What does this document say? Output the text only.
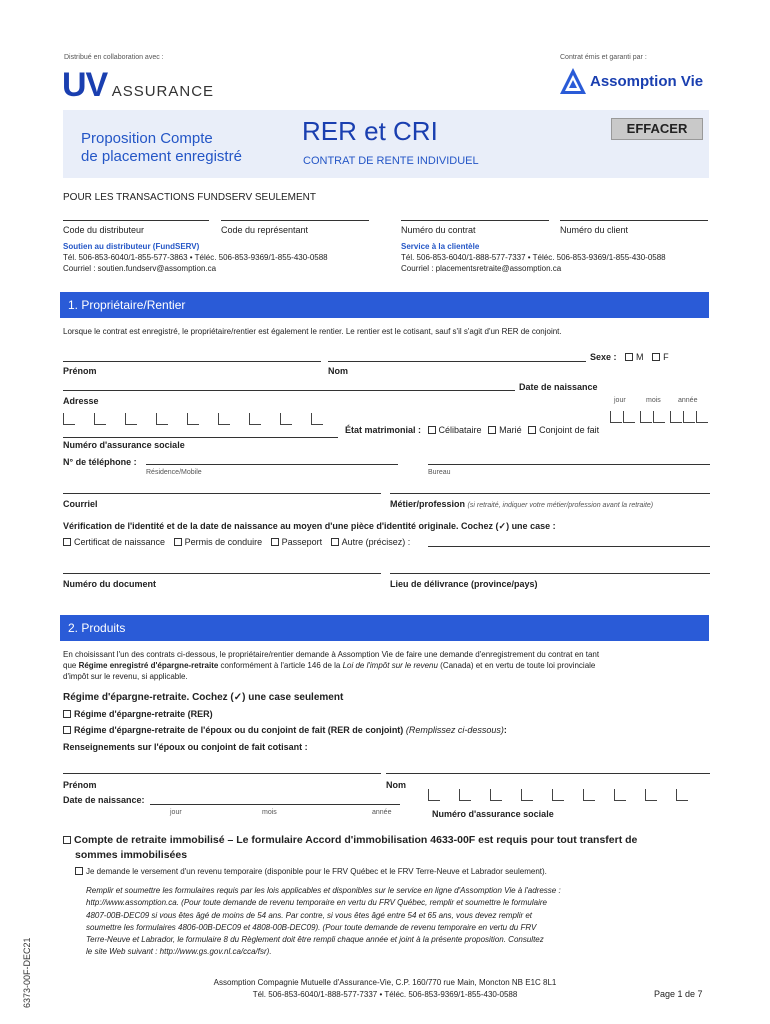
Distribué en collaboration avec :
UV ASSURANCE
Contrat émis et garanti par :
Assomption Vie
Proposition Compte
de placement enregistré
RER et CRI
CONTRAT DE RENTE INDIVIDUEL
EFFACER
POUR LES TRANSACTIONS FUNDSERV SEULEMENT
Code du distributeur	Code du représentant	Numéro du contrat	Numéro du client
Soutien au distributeur (FundSERV)
Tél. 506-853-6040/1-855-577-3863 • Téléc. 506-853-9369/1-855-430-0588
Courriel : soutien.fundserv@assomption.ca
Service à la clientèle
Tél. 506-853-6040/1-888-577-7337 • Téléc. 506-853-9369/1-855-430-0588
Courriel : placementsretraite@assomption.ca
1. Propriétaire/Rentier
Lorsque le contrat est enregistré, le propriétaire/rentier est également le rentier. Le rentier est le cotisant, sauf s'il s'agit d'un RER de conjoint.
Sexe : M F
Prénom	Nom
Date de naissance
Adresse	jour	mois année
État matrimonial : Célibataire Marié Conjoint de fait
Numéro d'assurance sociale
N° de téléphone :
Résidence/Mobile	Bureau
Courriel	Métier/profession (si retraité, indiquer votre métier/profession avant la retraite)
Vérification de l'identité et de la date de naissance au moyen d'une pièce d'identité originale. Cochez (✓) une case :
Certificat de naissance Permis de conduire Passeport Autre (précisez) :
Numéro du document	Lieu de délivrance (province/pays)
2. Produits
En choisissant l'un des contrats ci-dessous, le propriétaire/rentier demande à Assomption Vie de faire une demande d'enregistrement du contrat en tant
que Régime enregistré d'épargne-retraite conformément à l'article 146 de la Loi de l'impôt sur le revenu (Canada) et en vertu de toute loi provinciale
d'impôt sur le revenu, si applicable.
Régime d'épargne-retraite. Cochez (✓) une case seulement
Régime d'épargne-retraite (RER)
Régime d'épargne-retraite de l'époux ou du conjoint de fait (RER de conjoint) (Remplissez ci-dessous):
Renseignements sur l'époux ou conjoint de fait cotisant :
Prénom	Nom
Date de naissance:
jour	mois	année	Numéro d'assurance sociale
Compte de retraite immobilisé – Le formulaire Accord d'immobilisation 4633-00F est requis pour tout transfert de
sommes immobilisées
Je demande le versement d'un revenu temporaire (disponible pour le FRV Québec et le FRV Terre-Neuve et Labrador seulement).
Remplir et soumettre les formulaires requis par les lois applicables et disponibles sur le service en ligne d'Assomption Vie à l'adresse :
http://www.assomption.ca. (Pour toute demande de revenu temporaire en vertu du FRV Québec, remplir et soumettre le formulaire
4807-00B-DEC09 si vous êtes âgé de moins de 54 ans. Par contre, si vous êtes âgé entre 54 et 65 ans, vous devez remplir et
soumettre les formulaires 4806-00B-DEC09 et 4808-00B-DEC09). (Pour toute demande de revenu temporaire en vertu du FRV
Terre-Neuve et Labrador, le formulaire 8 du Règlement doit être rempli chaque année et joint à la présente proposition. Consultez
le site Web suivant : http://www.gs.gov.nl.ca/cca/fsr).
6373-00F-DEC21	Assomption Compagnie Mutuelle d'Assurance-Vie, C.P. 160/770 rue Main, Moncton NB E1C 8L1
Tél. 506-853-6040/1-888-577-7337 • Téléc. 506-853-9369/1-855-430-0588	Page 1 de 7
